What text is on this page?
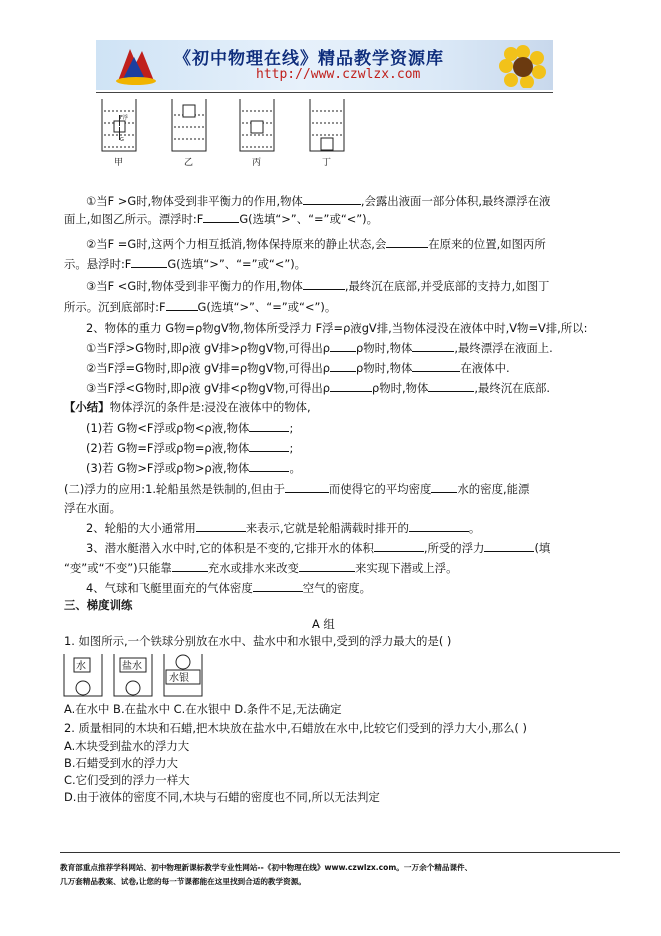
《初中物理在线》精品教学资源库
http://www.czwlzx.com
F浮
G
甲	乙	丙	丁
①当F >G时,物体受到非平衡力的作用,物体	,会露出液面一部分体积,最终漂浮在液
面上,如图乙所示。漂浮时:F	G(选填“>”、“=”或“<”)。
②当F =G时,这两个力相互抵消,物体保持原来的静止状态,会	在原来的位置,如图丙所
示。悬浮时:F	G(选填“>”、“=”或“<”)。
③当F <G时,物体受到非平衡力的作用,物体	,最终沉在底部,并受底部的支持力,如图丁
所示。沉到底部时:F	G(选填“>”、“=”或“<”)。
2、物体的重力 G物=ρ物gV物,物体所受浮力 F浮=ρ液gV排,当物体浸没在液体中时,V物=V排,所以:
①当F浮>G物时,即ρ液 gV排>ρ物gV物,可得出ρ ρ物时,物体	,最终漂浮在液面上.
②当F浮=G物时,即ρ液 gV排=ρ物gV物,可得出ρ ρ物时,物体	在液体中.
③当F浮<G物时,即ρ液 gV排<ρ物gV物,可得出ρ	ρ物时,物体	,最终沉在底部.
【小结】物体浮沉的条件是:浸没在液体中的物体,
(1)若 G物<F浮或ρ物<ρ液,物体	;
(2)若 G物=F浮或ρ物=ρ液,物体	;
(3)若 G物>F浮或ρ物>ρ液,物体	。
(二)浮力的应用:1.轮船虽然是铁制的,但由于	而使得它的平均密度 水的密度,能漂
浮在水面。
2、轮船的大小通常用	来表示,它就是轮船满载时排开的	。
3、潜水艇潜入水中时,它的体积是不变的,它排开水的体积	,所受的浮力	(填
“变”或“不变”)只能靠	充水或排水来改变	来实现下潜或上浮。
4、气球和飞艇里面充的气体密度	空气的密度。
三、梯度训练
A 组
1. 如图所示,一个铁球分别放在水中、盐水中和水银中,受到的浮力最大的是( )
水	盐水
水银
A.在水中 B.在盐水中 C.在水银中 D.条件不足,无法确定
2. 质量相同的木块和石蜡,把木块放在盐水中,石蜡放在水中,比较它们受到的浮力大小,那么( )
A.木块受到盐水的浮力大
B.石蜡受到水的浮力大
C.它们受到的浮力一样大
D.由于液体的密度不同,木块与石蜡的密度也不同,所以无法判定
教育部重点推荐学科网站、初中物理新课标教学专业性网站--《初中物理在线》www.czwlzx.com。一万余个精品课件、
几万套精品教案、试卷,让您的每一节课都能在这里找到合适的教学资源。
